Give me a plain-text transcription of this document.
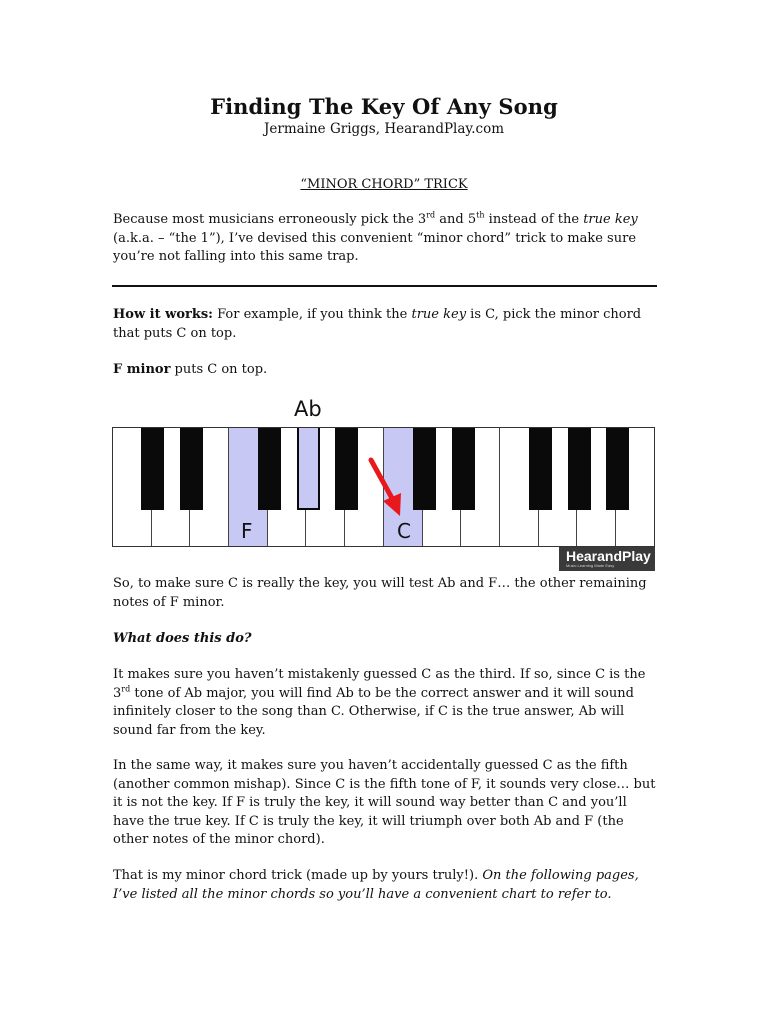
Finding The Key Of Any Song
Jermaine Griggs, HearandPlay.com
“MINOR CHORD” TRICK
Because most musicians erroneously pick the 3rd and 5th instead of the true key (a.k.a. – “the 1”), I’ve devised this convenient “minor chord” trick to make sure you’re not falling into this same trap.
How it works: For example, if you think the true key is C, pick the minor chord that puts C on top.
F minor puts C on top.
Ab
F	C
HearandPlay
Music Learning Made Easy
So, to make sure C is really the key, you will test Ab and F… the other remaining notes of F minor.
What does this do?
It makes sure you haven’t mistakenly guessed C as the third. If so, since C is the 3rd tone of Ab major, you will find Ab to be the correct answer and it will sound infinitely closer to the song than C. Otherwise, if C is the true answer, Ab will sound far from the key.
In the same way, it makes sure you haven’t accidentally guessed C as the fifth (another common mishap). Since C is the fifth tone of F, it sounds very close… but it is not the key. If F is truly the key, it will sound way better than C and you’ll have the true key. If C is truly the key, it will triumph over both Ab and F (the other notes of the minor chord).
That is my minor chord trick (made up by yours truly!). On the following pages, I’ve listed all the minor chords so you’ll have a convenient chart to refer to.
